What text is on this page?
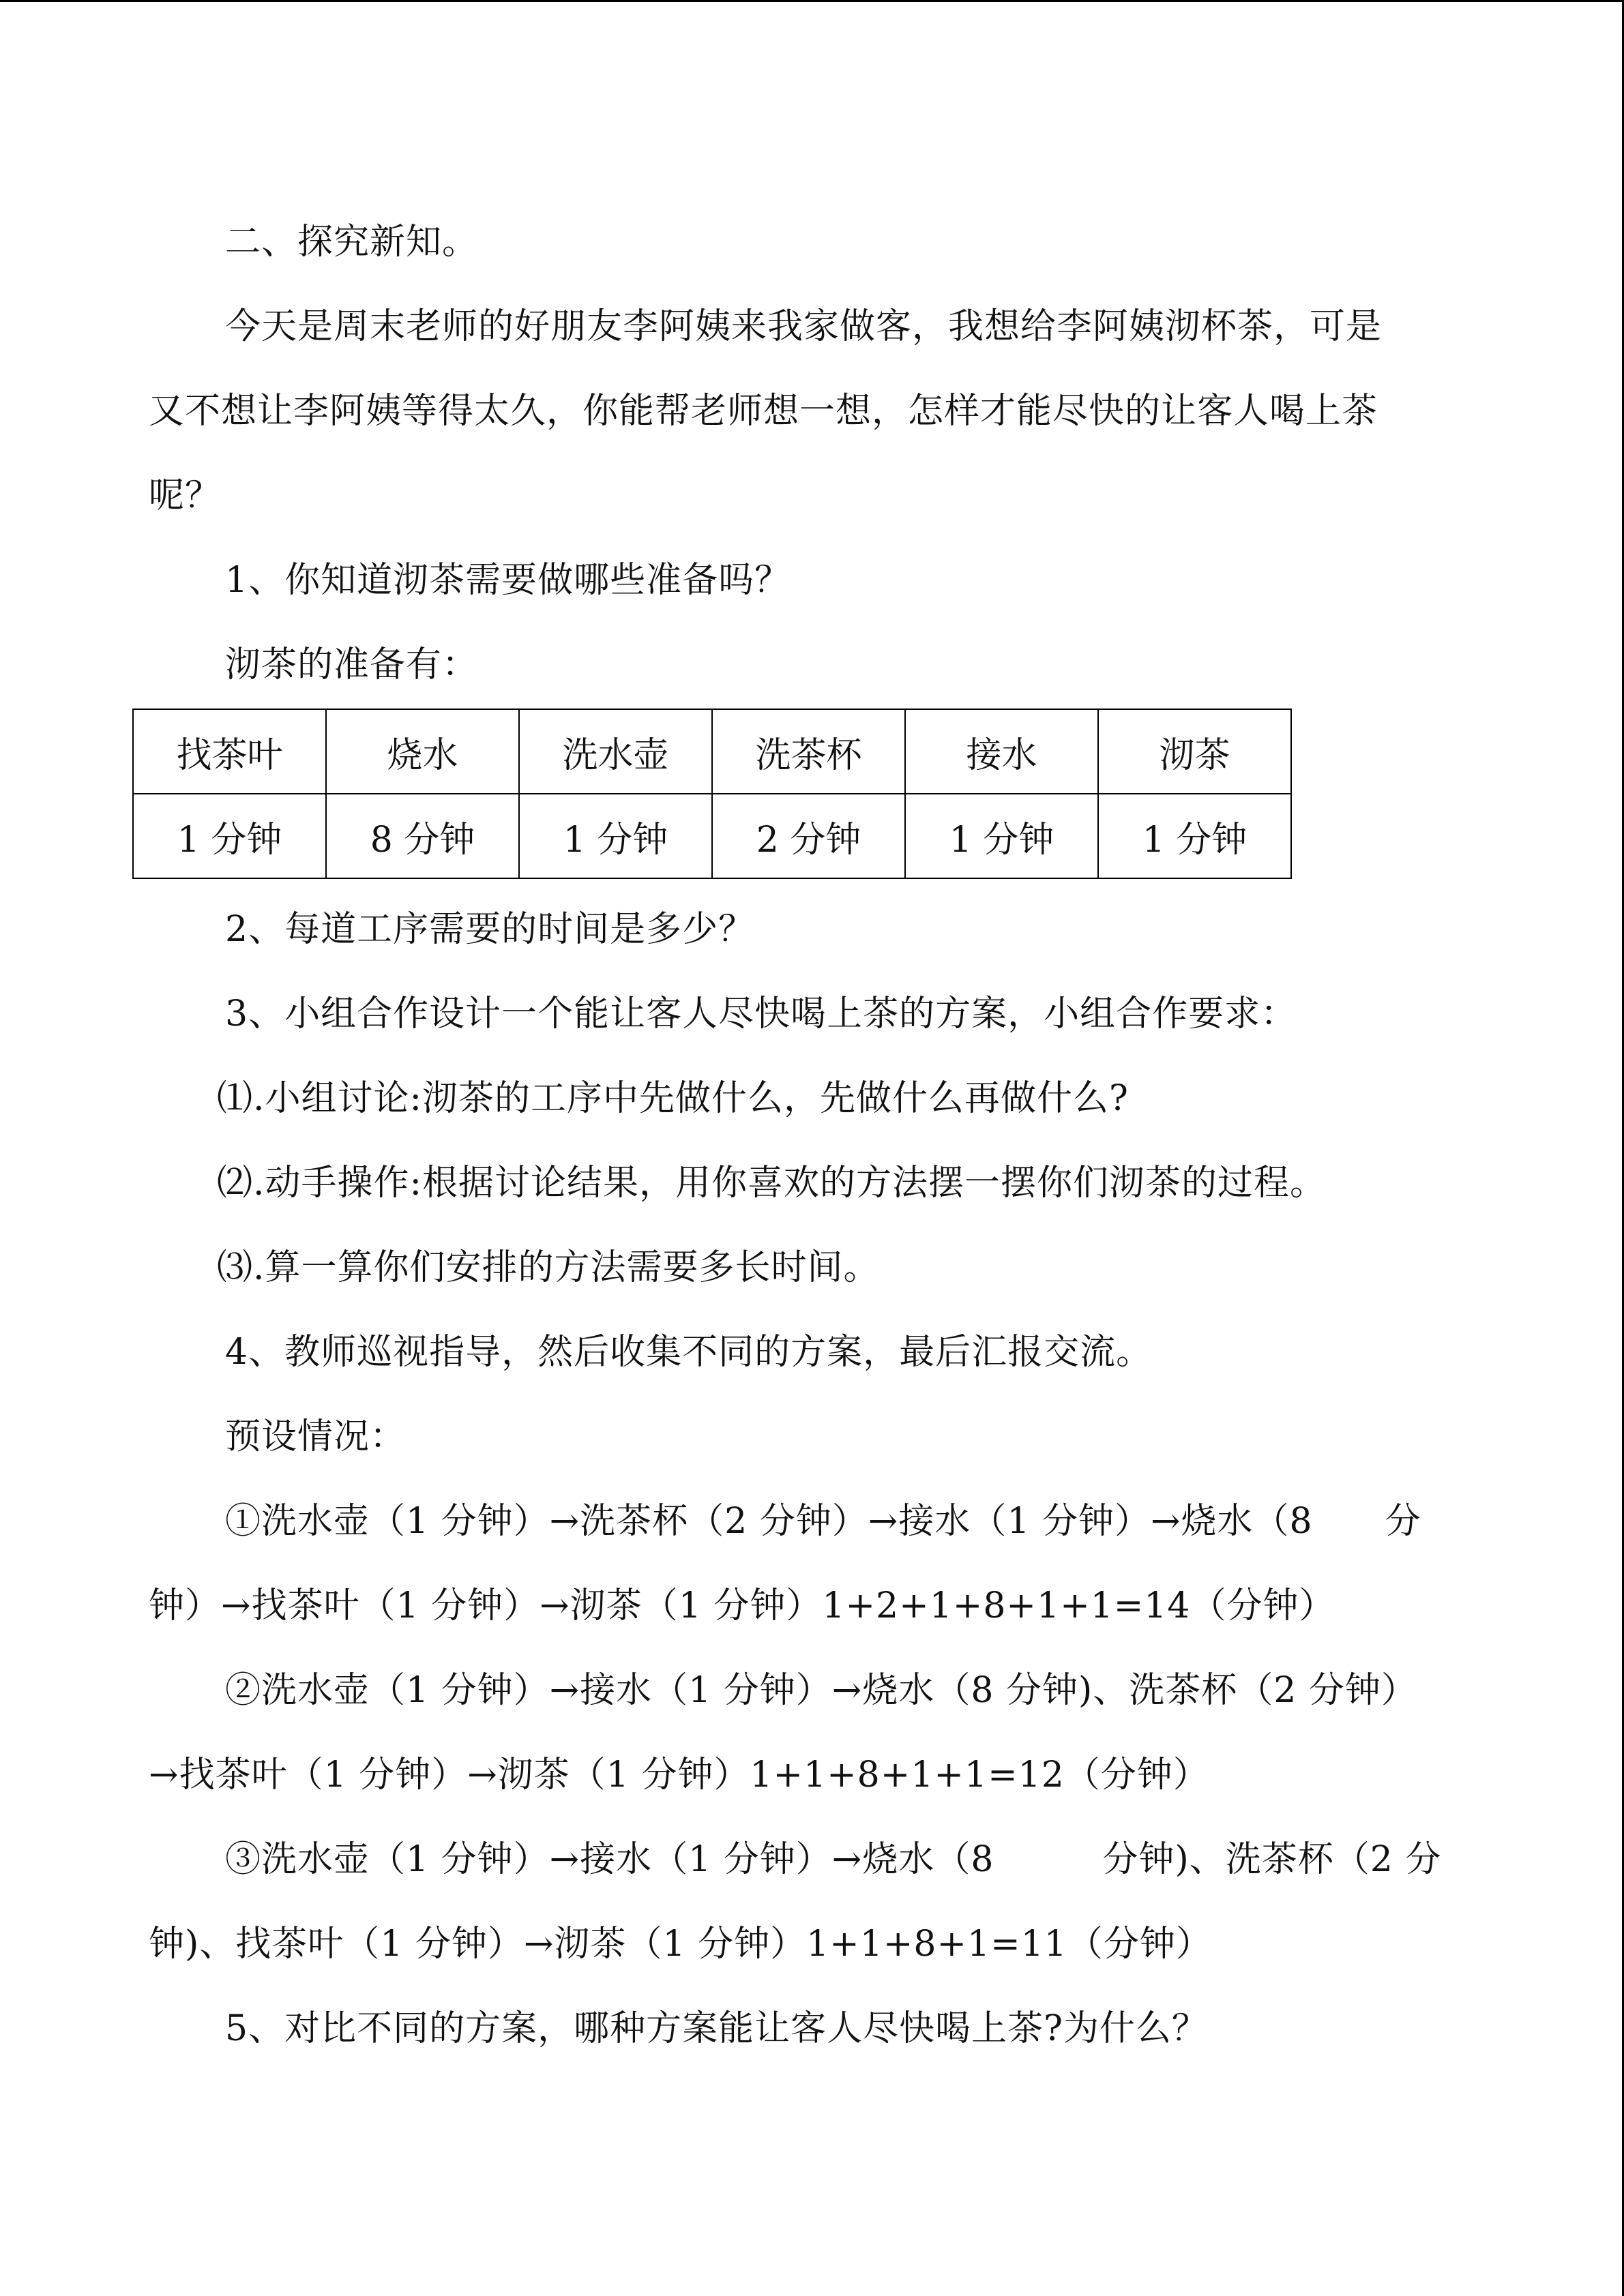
二、探究新知。
今天是周末老师的好朋友李阿姨来我家做客，我想给李阿姨沏杯茶，可是
又不想让李阿姨等得太久，你能帮老师想一想，怎样才能尽快的让客人喝上茶
呢？
1、你知道沏茶需要做哪些准备吗？
沏茶的准备有：
找茶叶	烧水	洗水壶	洗茶杯	接水	沏茶
1 分钟	8 分钟	1 分钟	2 分钟	1 分钟	1 分钟
2、每道工序需要的时间是多少？
3、小组合作设计一个能让客人尽快喝上茶的方案，小组合作要求：
⑴.小组讨论:沏茶的工序中先做什么，先做什么再做什么?
⑵.动手操作:根据讨论结果，用你喜欢的方法摆一摆你们沏茶的过程。
⑶.算一算你们安排的方法需要多长时间。
4、教师巡视指导，然后收集不同的方案，最后汇报交流。
预设情况：
①洗水壶（1 分钟）→洗茶杯（2 分钟）→接水（1 分钟）→烧水（8　　分
钟）→找茶叶（1 分钟）→沏茶（1 分钟）1+2+1+8+1+1=14（分钟）
②洗水壶（1 分钟）→接水（1 分钟）→烧水（8 分钟)、洗茶杯（2 分钟）
→找茶叶（1 分钟）→沏茶（1 分钟）1+1+8+1+1=12（分钟）
③洗水壶（1 分钟）→接水（1 分钟）→烧水（8　　　分钟)、洗茶杯（2 分
钟)、找茶叶（1 分钟）→沏茶（1 分钟）1+1+8+1=11（分钟）
5、对比不同的方案，哪种方案能让客人尽快喝上茶?为什么？
